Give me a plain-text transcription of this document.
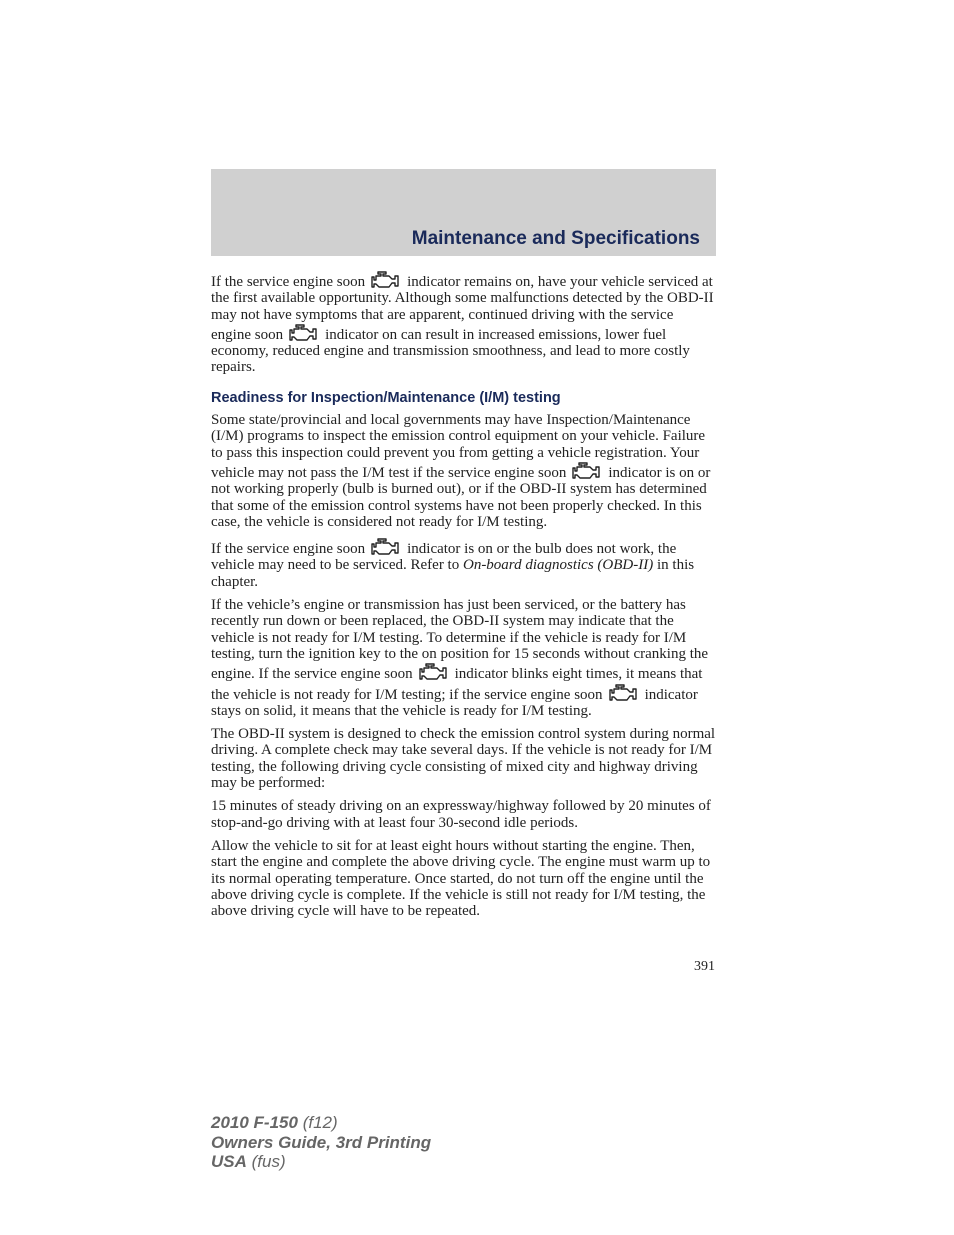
Maintenance and Specifications

If the service engine soon	indicator remains on, have your vehicle serviced at the first available opportunity. Although some malfunctions detected by the OBD-II may not have symptoms that are apparent, continued driving with the service engine soon	indicator on can result in increased emissions, lower fuel economy, reduced engine and transmission smoothness, and lead to more costly repairs.

Readiness for Inspection/Maintenance (I/M) testing

Some state/provincial and local governments may have Inspection/Maintenance (I/M) programs to inspect the emission control equipment on your vehicle. Failure to pass this inspection could prevent you from getting a vehicle registration. Your vehicle may not pass the I/M test if the service engine soon	indicator is on or not working properly (bulb is burned out), or if the OBD-II system has determined that some of the emission control systems have not been properly checked. In this case, the vehicle is considered not ready for I/M testing.

If the service engine soon	indicator is on or the bulb does not work, the vehicle may need to be serviced. Refer to On-board diagnostics (OBD-II) in this chapter.

If the vehicle’s engine or transmission has just been serviced, or the battery has recently run down or been replaced, the OBD-II system may indicate that the vehicle is not ready for I/M testing. To determine if the vehicle is ready for I/M testing, turn the ignition key to the on position for 15 seconds without cranking the engine. If the service engine soon	indicator blinks eight times, it means that the vehicle is not ready for I/M testing; if the service engine soon	indicator stays on solid, it means that the vehicle is ready for I/M testing.

The OBD-II system is designed to check the emission control system during normal driving. A complete check may take several days. If the vehicle is not ready for I/M testing, the following driving cycle consisting of mixed city and highway driving may be performed:

15 minutes of steady driving on an expressway/highway followed by 20 minutes of stop-and-go driving with at least four 30-second idle periods.

Allow the vehicle to sit for at least eight hours without starting the engine. Then, start the engine and complete the above driving cycle. The engine must warm up to its normal operating temperature. Once started, do not turn off the engine until the above driving cycle is complete. If the vehicle is still not ready for I/M testing, the above driving cycle will have to be repeated.

391
2010 F-150 (f12)
Owners Guide, 3rd Printing
USA (fus)
